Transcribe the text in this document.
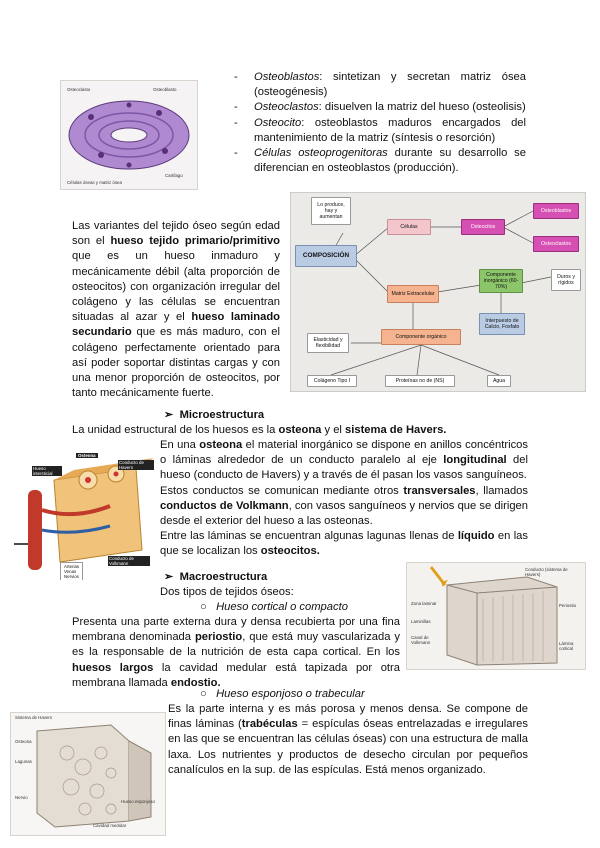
Osteoclasto	Osteoblasto
Cartílago
Células óseas y matriz ósea
- Osteoblastos: sintetizan y secretan matriz ósea (osteogénesis)
- Osteoclastos: disuelven la matriz del hueso (osteolisis)
- Osteocito: osteoblastos maduros encargados del mantenimiento de la matriz (síntesis o resorción)
- Células osteoprogenitoras durante su desarrollo se diferencian en osteoblastos (producción).
Las variantes del tejido óseo según edad son el hueso tejido primario/primitivo que es un hueso inmaduro y mecánicamente débil (alta proporción de osteocitos) con organización irregular del colágeno y las células se encuentran situadas al azar y el hueso laminado secundario que es más maduro, con el colágeno perfectamente orientado para así poder soportar distintas cargas y con una menor proporción de osteocitos, por tanto mecánicamente fuerte.
Lo produce, hay y aumentan
COMPOSICIÓN
Células	Osteocitos
Osteoblastos
Osteoclastos
Matriz Extracelular
Componente inorgánico (60-70%)
Duros y rígidos
Interpuesto de Calcio, Fosfato
Componente orgánico
Elasticidad y flexibilidad
Colágeno Tipo I	Proteínas no de (NS)	Agua
➢ Microestructura
La unidad estructural de los huesos es la osteona y el sistema de Havers.
Osteona
Conducto de Havers
Hueso intersticial
Conducto de Volkmann
Arterias
Venas
Nervios
En una osteona el material inorgánico se dispone en anillos concéntricos o láminas alrededor de un conducto paralelo al eje longitudinal del hueso (conducto de Havers) y a través de él pasan los vasos sanguíneos.
Estos conductos se comunican mediante otros transversales, llamados conductos de Volkmann, con vasos sanguíneos y nervios que se dirigen desde el exterior del hueso a las osteonas.
Entre las láminas se encuentran algunas lagunas llenas de líquido en las que se localizan los osteocitos.
➢ Macroestructura
Dos tipos de tejidos óseos:
○ Hueso cortical o compacto
Conducto (sistema de Havers)
Zona laminar
Laminillas
Canal de Volkmann
Periostio
Lámina cortical
Presenta una parte externa dura y densa recubierta por una fina membrana denominada periostio, que está muy vascularizada y es la responsable de la nutrición de esta capa cortical. En los huesos largos la cavidad medular está tapizada por otra membrana llamada endostio.
○ Hueso esponjoso o trabecular
Sistema de Havers
Osteona
Lagunas
Hueso esponjoso
Cavidad medular
Nervio
Es la parte interna y es más porosa y menos densa. Se compone de finas láminas (trabéculas = espículas óseas entrelazadas e irregulares en las que se encuentran las células óseas) con una estructura de malla laxa. Los nutrientes y productos de desecho circulan por pequeños canalículos en la sup. de las espículas. Está menos organizado.
